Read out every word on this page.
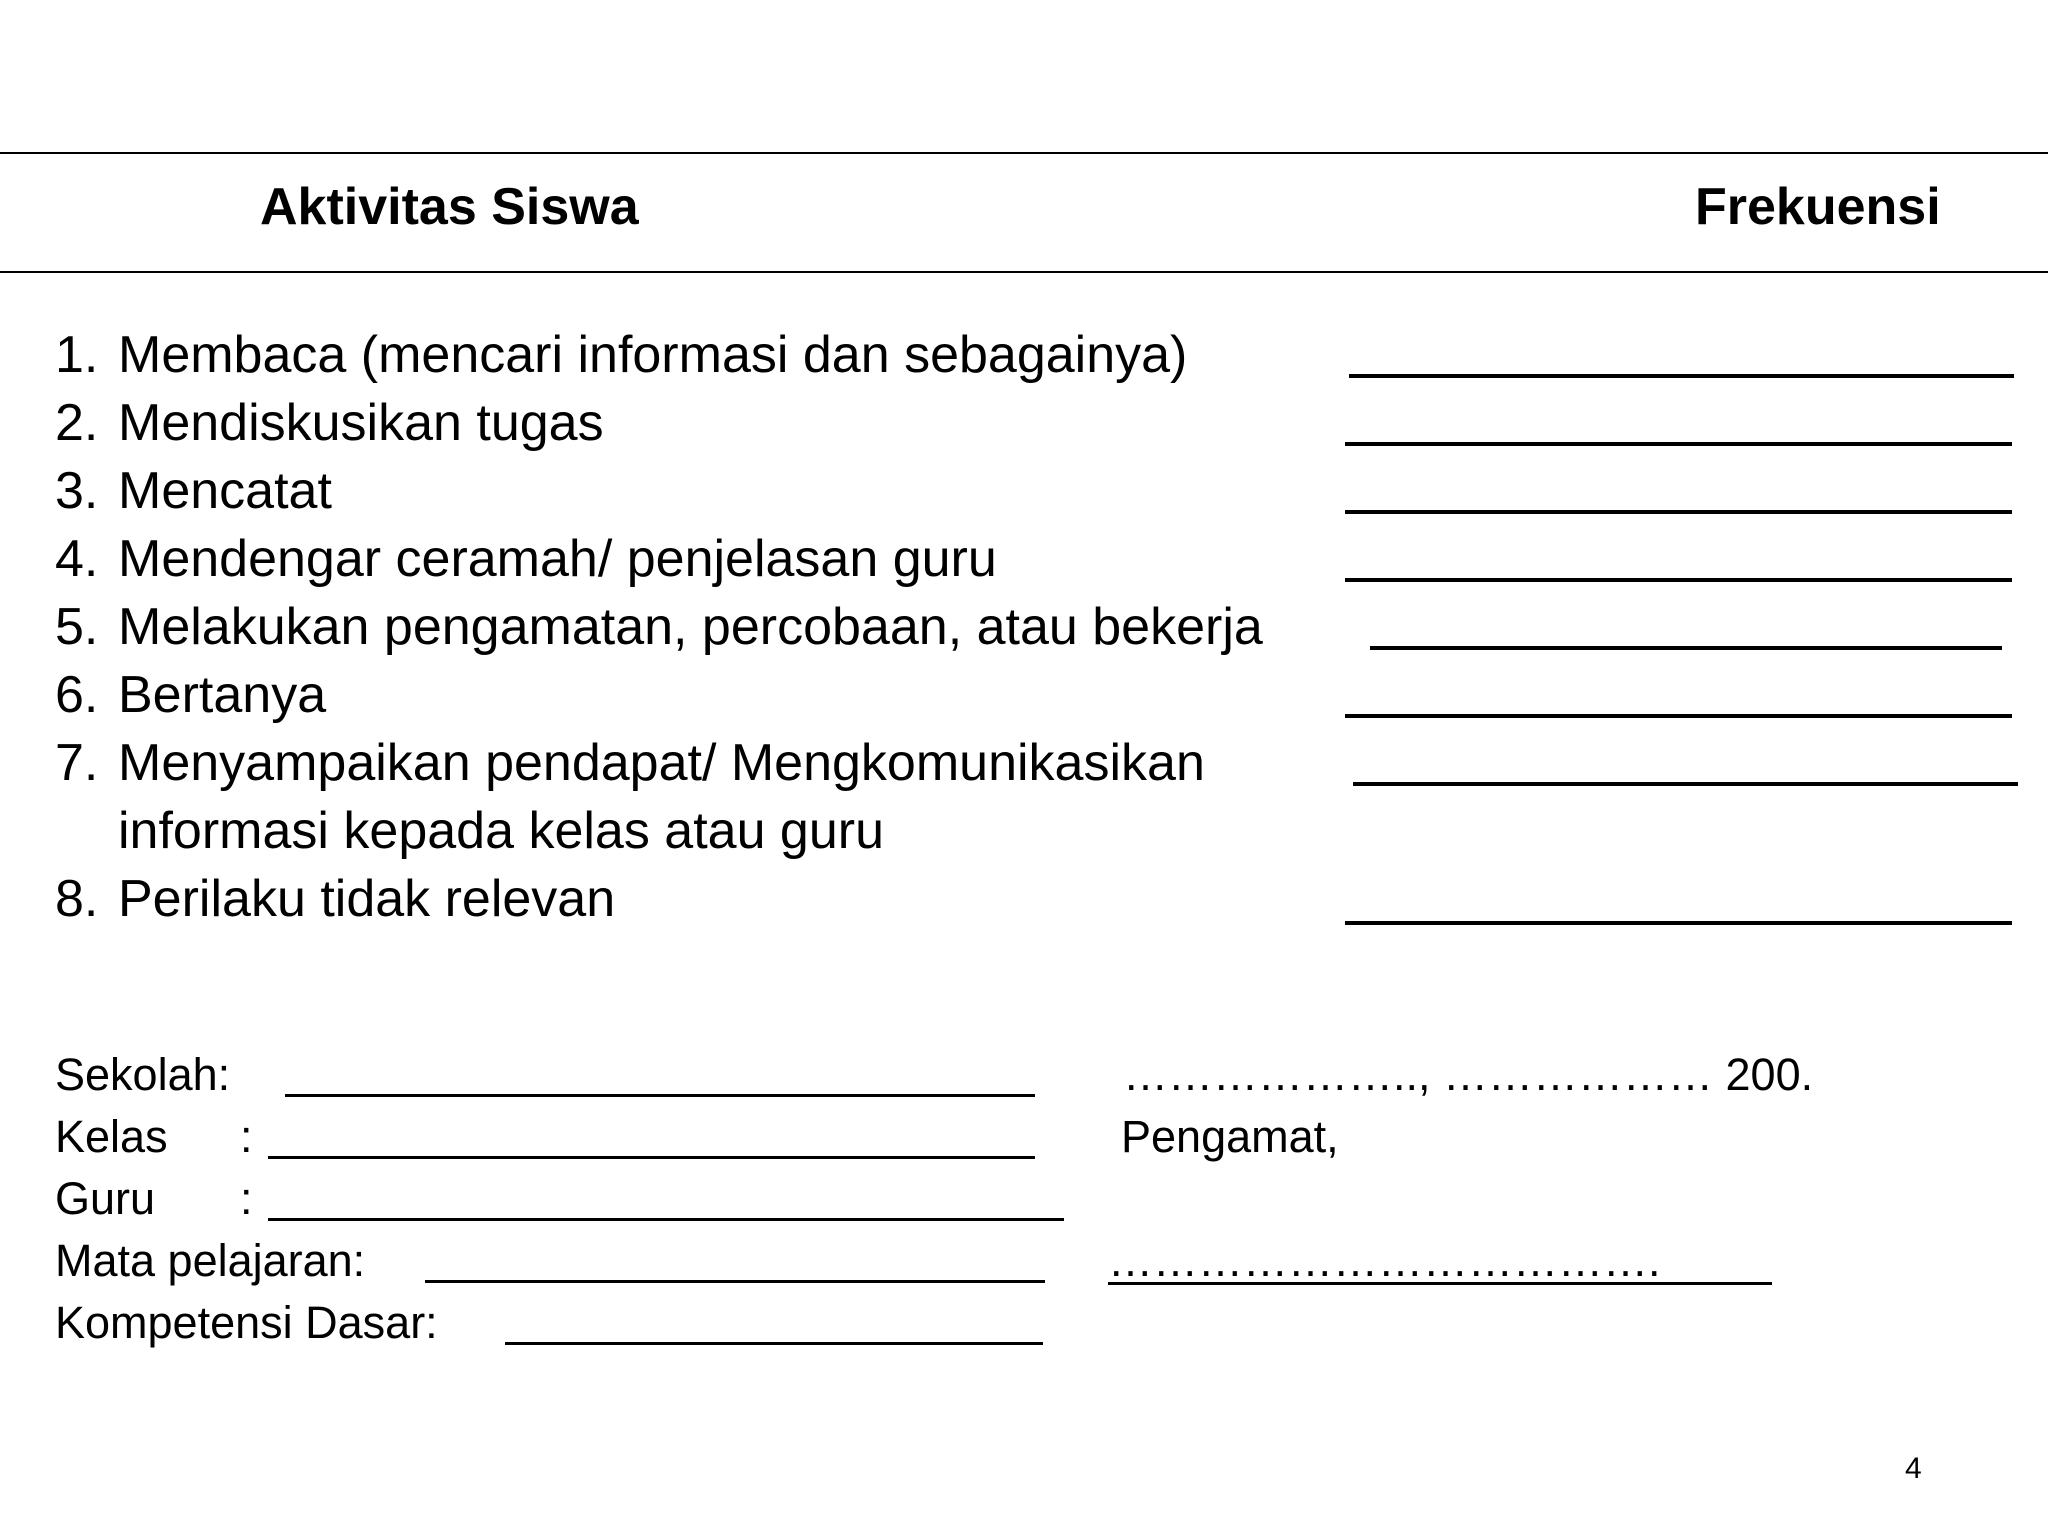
Aktivitas Siswa	Frekuensi
1. Membaca (mencari informasi dan sebagainya)
2. Mendiskusikan tugas
3. Mencatat
4. Mendengar ceramah/ penjelasan guru
5. Melakukan pengamatan, percobaan, atau bekerja
6. Bertanya
7. Menyampaikan pendapat/ Mengkomunikasikan
informasi kepada kelas atau guru
8. Perilaku tidak relevan
Sekolah:
Kelas :
Guru :
Mata pelajaran:
Kompetensi Dasar:
……………….., ……………… 200.
Pengamat,
……………………………….
4
